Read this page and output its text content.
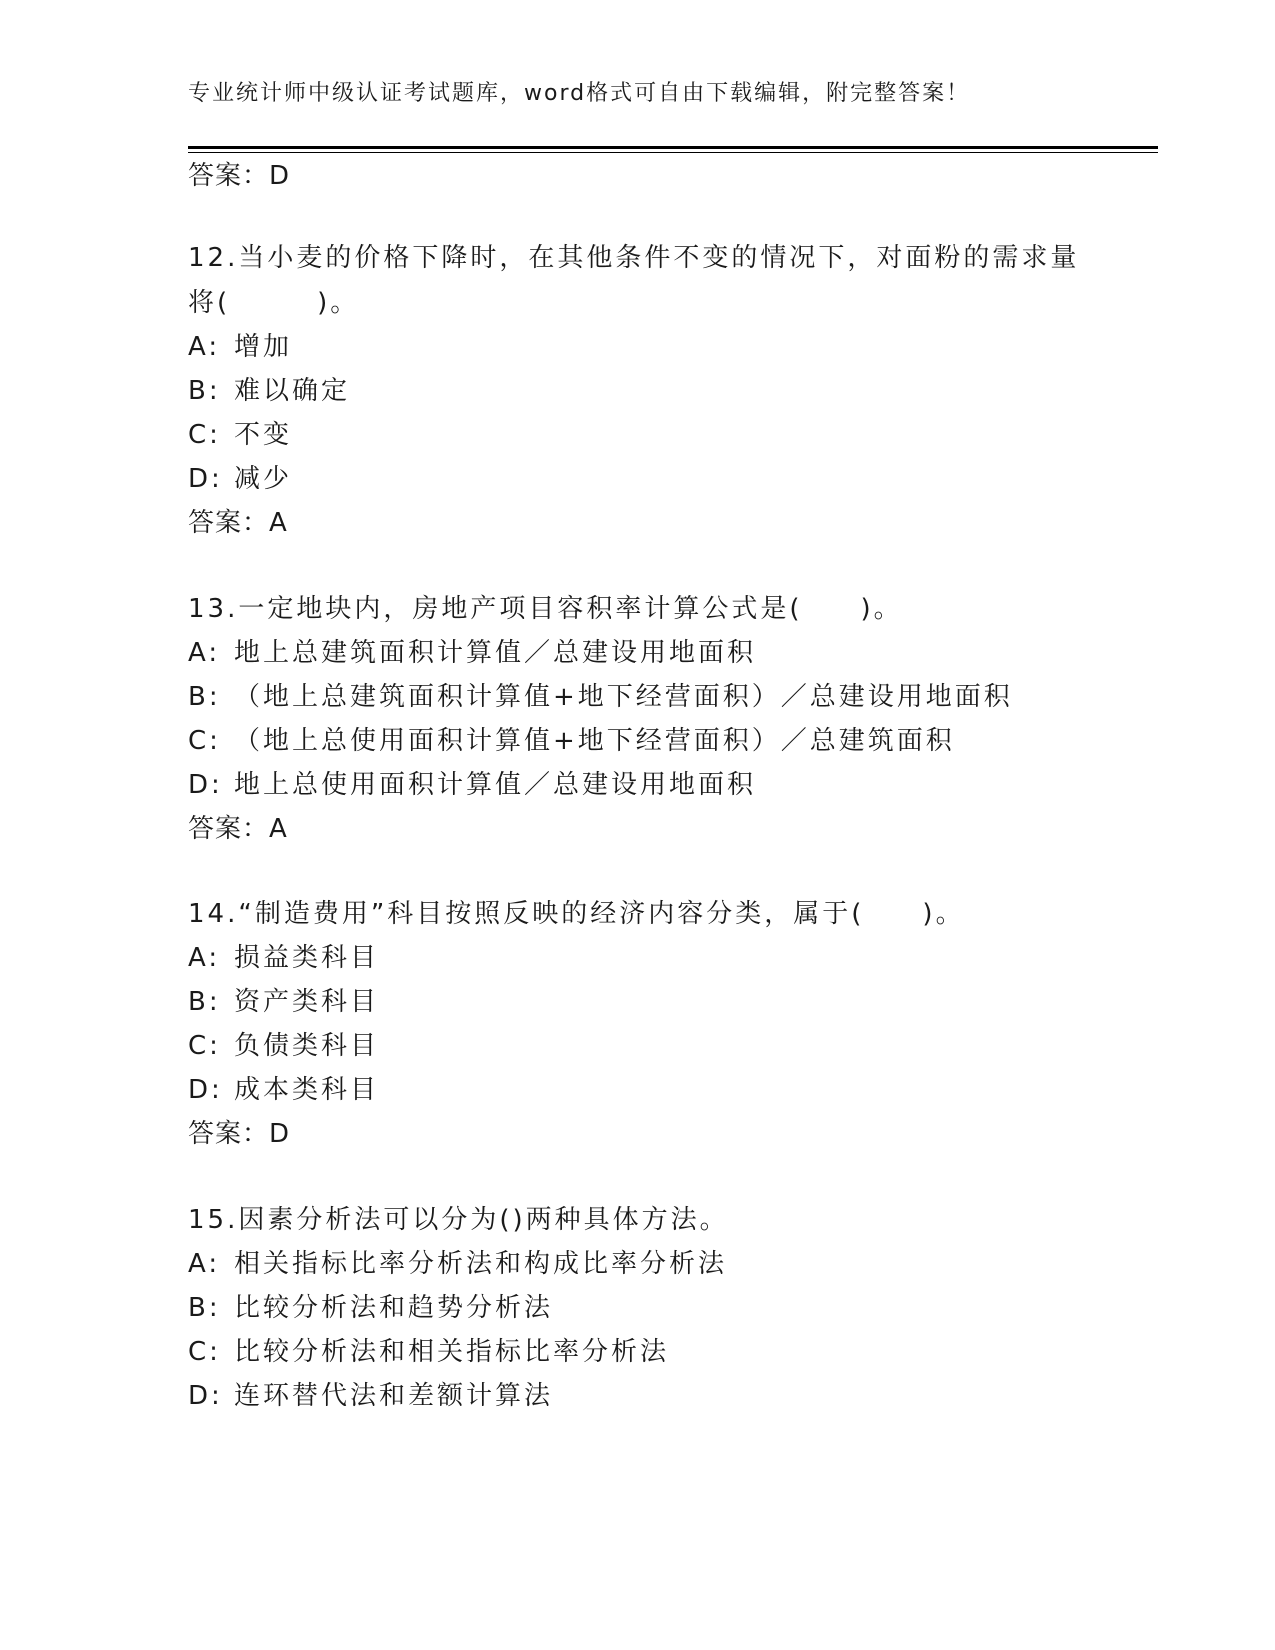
专业统计师中级认证考试题库，word格式可自由下载编辑，附完整答案！
答案：D
12.当小麦的价格下降时，在其他条件不变的情况下，对面粉的需求量
将(　　　)。
A: 增加
B: 难以确定
C: 不变
D: 减少
答案：A
13.一定地块内，房地产项目容积率计算公式是(　　)。
A: 地上总建筑面积计算值／总建设用地面积
B: （地上总建筑面积计算值+地下经营面积）／总建设用地面积
C: （地上总使用面积计算值+地下经营面积）／总建筑面积
D: 地上总使用面积计算值／总建设用地面积
答案：A
14.“制造费用”科目按照反映的经济内容分类，属于(　　)。
A: 损益类科目
B: 资产类科目
C: 负债类科目
D: 成本类科目
答案：D
15.因素分析法可以分为()两种具体方法。
A: 相关指标比率分析法和构成比率分析法
B: 比较分析法和趋势分析法
C: 比较分析法和相关指标比率分析法
D: 连环替代法和差额计算法
